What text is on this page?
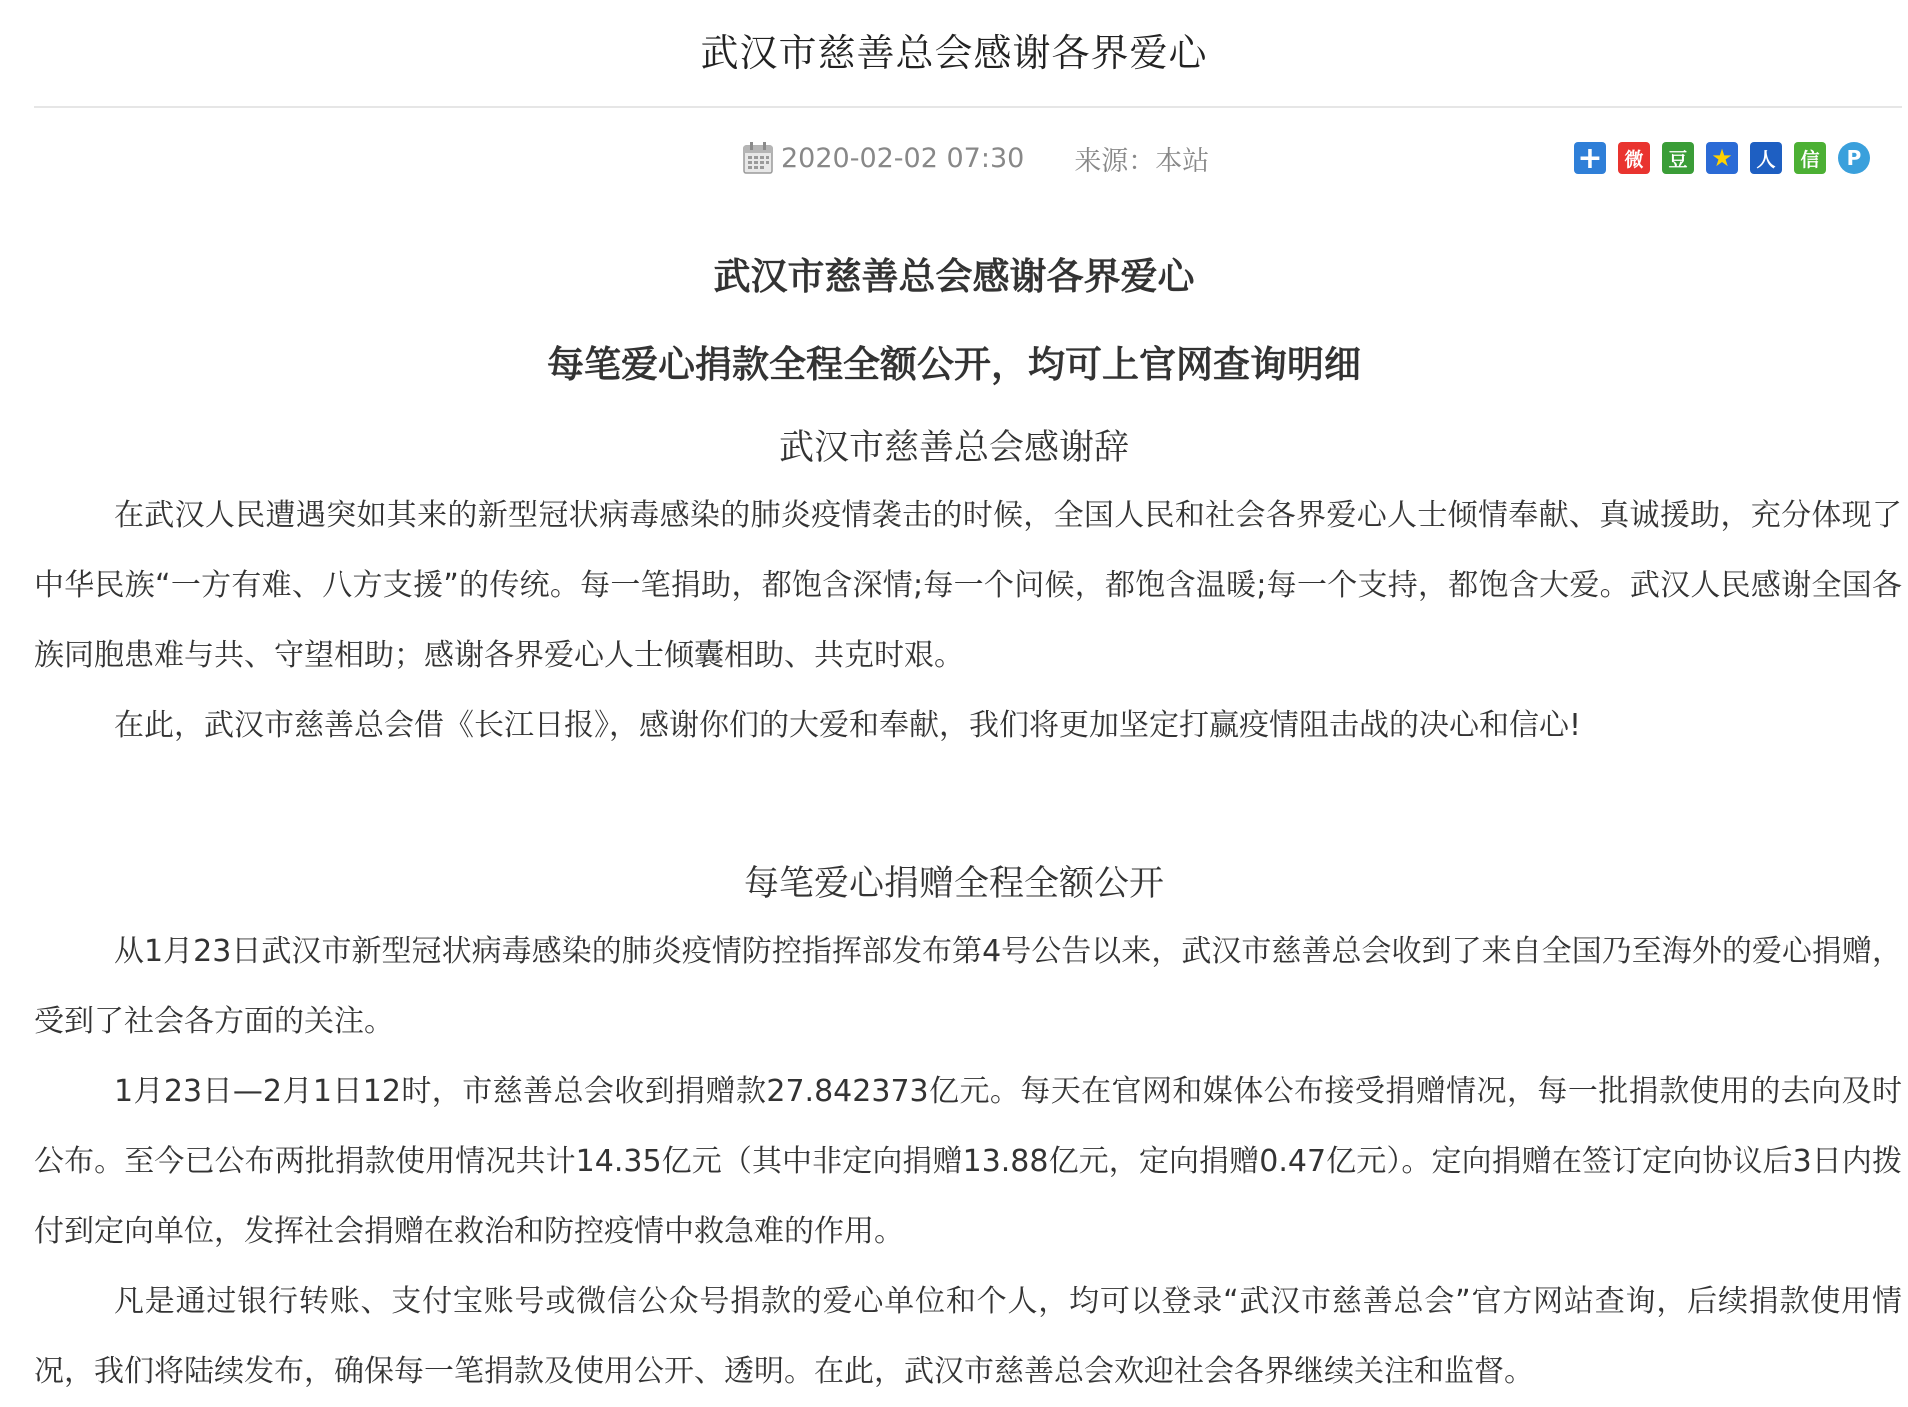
武汉市慈善总会感谢各界爱心
2020-02-02 07:30 来源：本站	+	微	豆 ★	人	信	P
武汉市慈善总会感谢各界爱心
每笔爱心捐款全程全额公开，均可上官网查询明细
武汉市慈善总会感谢辞

在武汉人民遭遇突如其来的新型冠状病毒感染的肺炎疫情袭击的时候，全国人民和社会各界爱心人士倾情奉献、真诚援助，充分体现了中华民族“一方有难、八方支援”的传统。每一笔捐助，都饱含深情;每一个问候，都饱含温暖;每一个支持，都饱含大爱。武汉人民感谢全国各族同胞患难与共、守望相助；感谢各界爱心人士倾囊相助、共克时艰。

在此，武汉市慈善总会借《长江日报》，感谢你们的大爱和奉献，我们将更加坚定打赢疫情阻击战的决心和信心!

每笔爱心捐赠全程全额公开

从1月23日武汉市新型冠状病毒感染的肺炎疫情防控指挥部发布第4号公告以来，武汉市慈善总会收到了来自全国乃至海外的爱心捐赠，受到了社会各方面的关注。

1月23日—2月1日12时，市慈善总会收到捐赠款27.842373亿元。每天在官网和媒体公布接受捐赠情况，每一批捐款使用的去向及时公布。至今已公布两批捐款使用情况共计14.35亿元（其中非定向捐赠13.88亿元，定向捐赠0.47亿元）。定向捐赠在签订定向协议后3日内拨付到定向单位，发挥社会捐赠在救治和防控疫情中救急难的作用。

凡是通过银行转账、支付宝账号或微信公众号捐款的爱心单位和个人，均可以登录“武汉市慈善总会”官方网站查询，后续捐款使用情况，我们将陆续发布，确保每一笔捐款及使用公开、透明。在此，武汉市慈善总会欢迎社会各界继续关注和监督。
